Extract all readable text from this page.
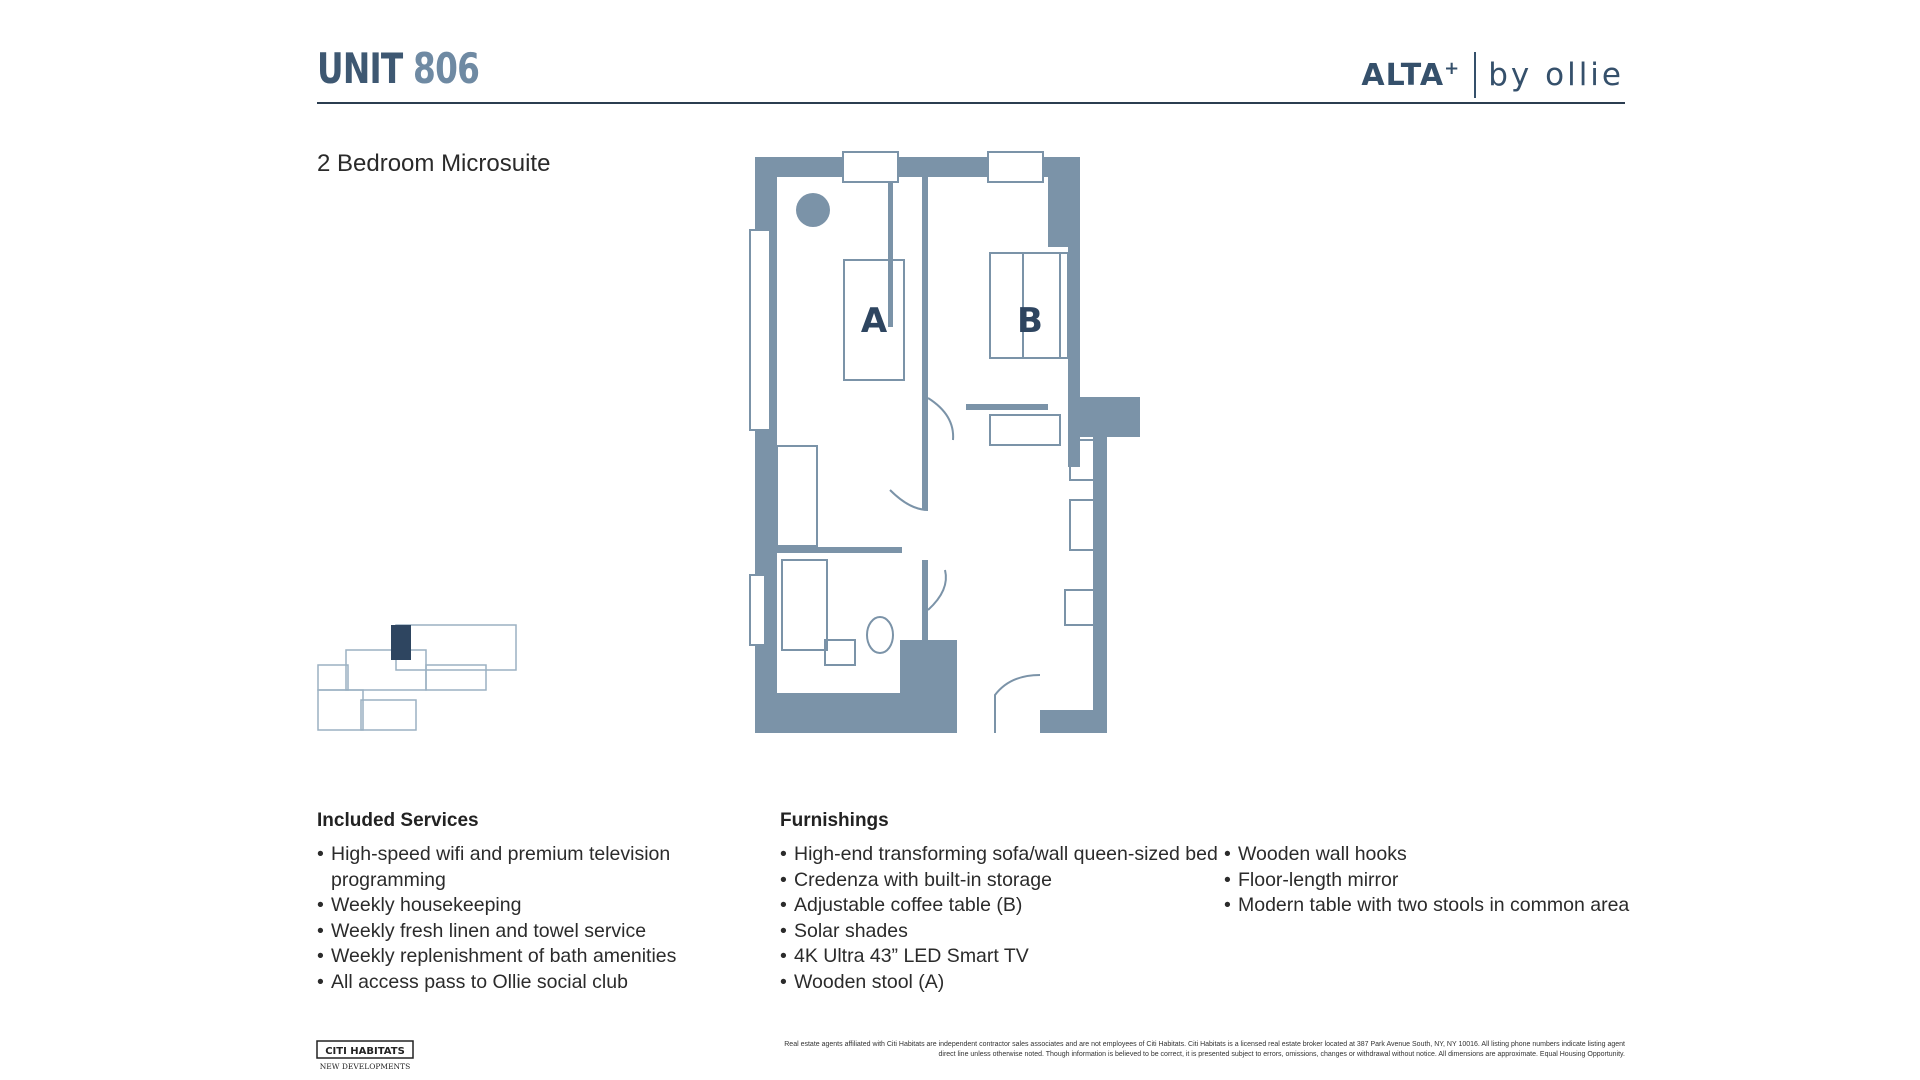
UNIT 806	ALTA+ by ollie
2 Bedroom Microsuite
A	B
Included Services
• High-speed wifi and premium television programming
• Weekly housekeeping
• Weekly fresh linen and towel service
• Weekly replenishment of bath amenities
• All access pass to Ollie social club
Furnishings
• High-end transforming sofa/wall queen-sized bed
• Credenza with built-in storage
• Adjustable coffee table (B)
• Solar shades
• 4K Ultra 43” LED Smart TV
• Wooden stool (A)
• Wooden wall hooks
• Floor-length mirror
• Modern table with two stools in common area
CITI HABITATS
NEW DEVELOPMENTS
Real estate agents affiliated with Citi Habitats are independent contractor sales associates and are not employees of Citi Habitats. Citi Habitats is a licensed real estate broker located at 387 Park Avenue South, NY, NY 10016. All listing phone numbers indicate listing agent direct line unless otherwise noted. Though information is believed to be correct, it is presented subject to errors, omissions, changes or withdrawal without notice. All dimensions are approximate. Equal Housing Opportunity.
